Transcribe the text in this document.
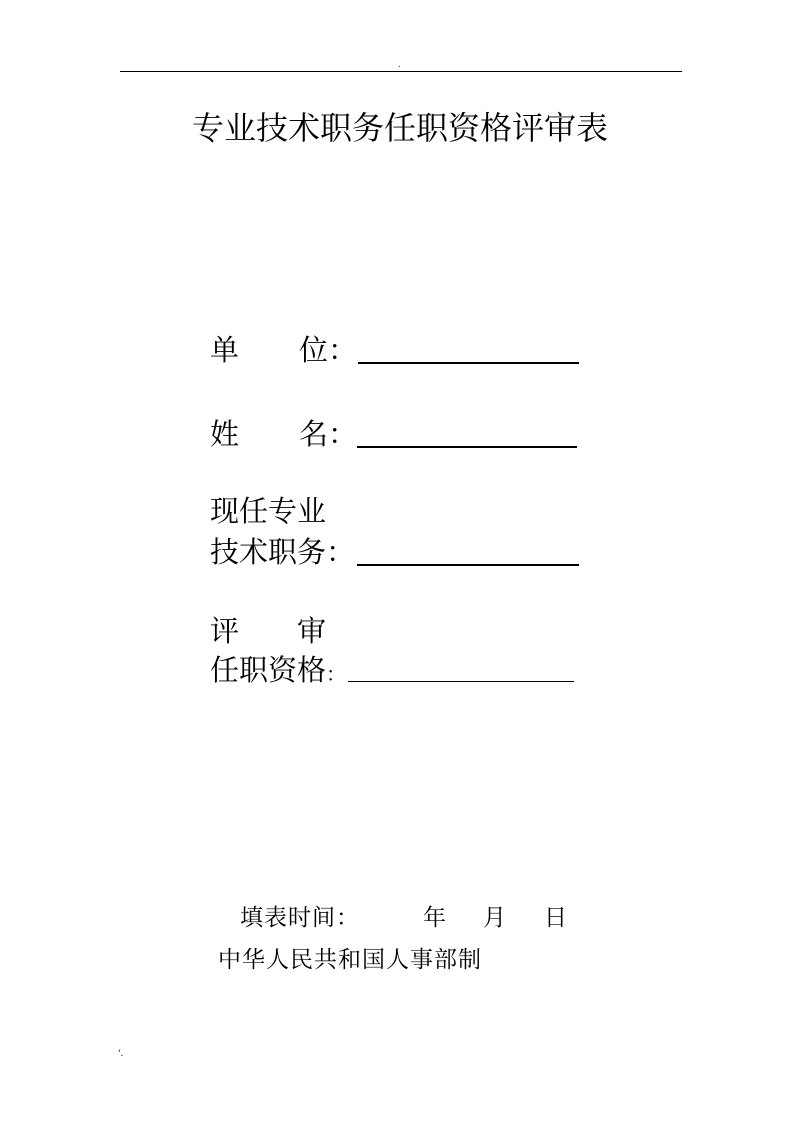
.
专业技术职务任职资格评审表
单 位 ：
姓 名 ：
现任专业
技术职务 ：
评 审
任职资格 ：
填表时间：	年 月 日
中华人民共和国人事部制
'.
